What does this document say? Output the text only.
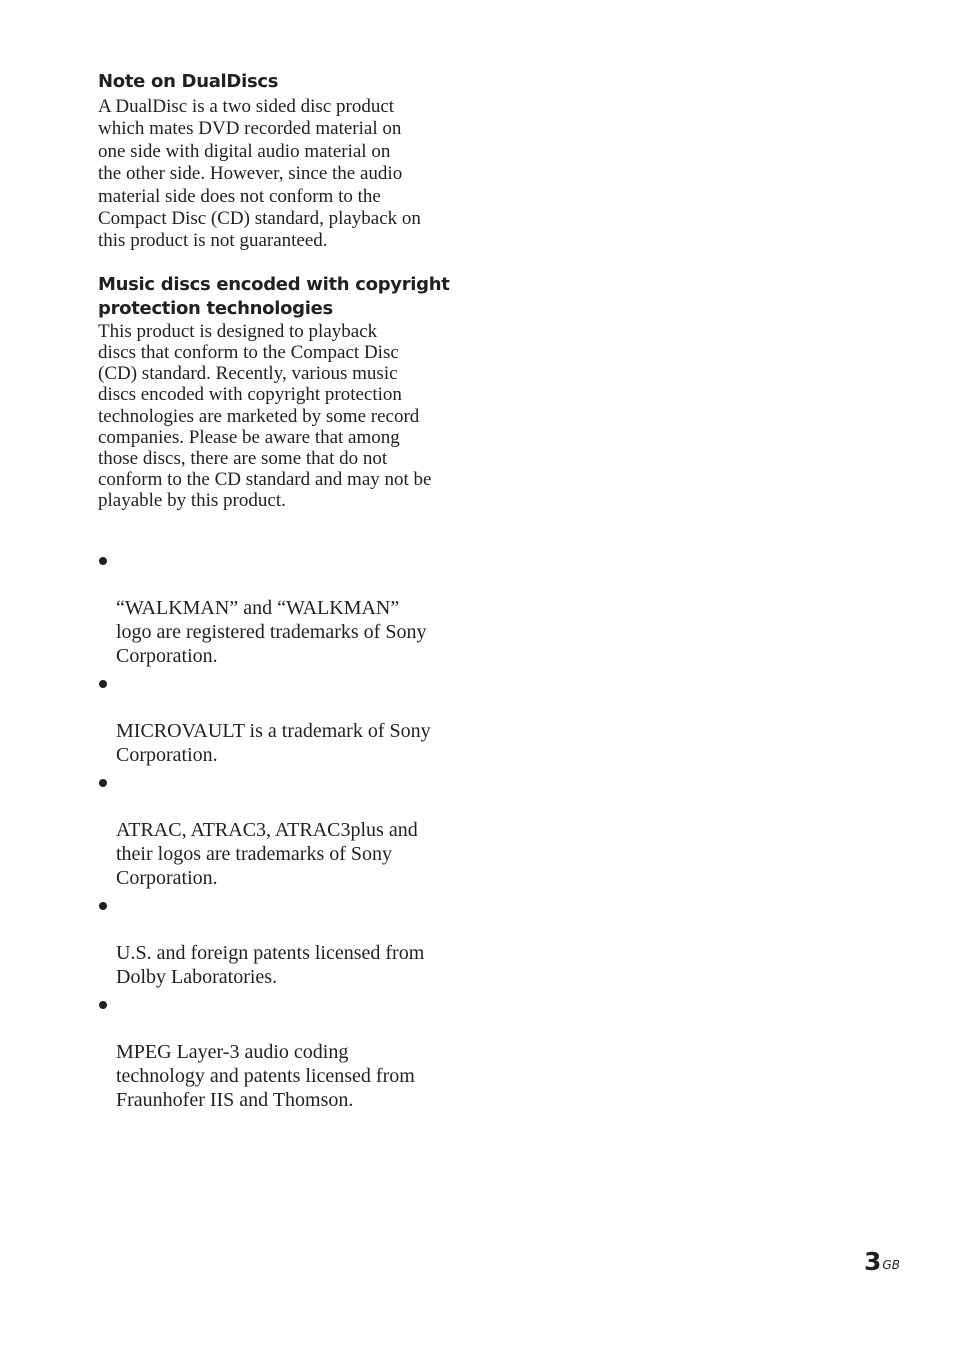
Note on DualDiscs

A DualDisc is a two sided disc product
which mates DVD recorded material on
one side with digital audio material on
the other side. However, since the audio
material side does not conform to the
Compact Disc (CD) standard, playback on
this product is not guaranteed.

Music discs encoded with copyright
protection technologies

This product is designed to playback
discs that conform to the Compact Disc
(CD) standard. Recently, various music
discs encoded with copyright protection
technologies are marketed by some record
companies. Please be aware that among
those discs, there are some that do not
conform to the CD standard and may not be
playable by this product.

“WALKMAN” and “WALKMAN”
logo are registered trademarks of Sony
Corporation.

MICROVAULT is a trademark of Sony
Corporation.

ATRAC, ATRAC3, ATRAC3plus and
their logos are trademarks of Sony
Corporation.

U.S. and foreign patents licensed from
Dolby Laboratories.

MPEG Layer-3 audio coding
technology and patents licensed from
Fraunhofer IIS and Thomson.

$3^{GB}$
